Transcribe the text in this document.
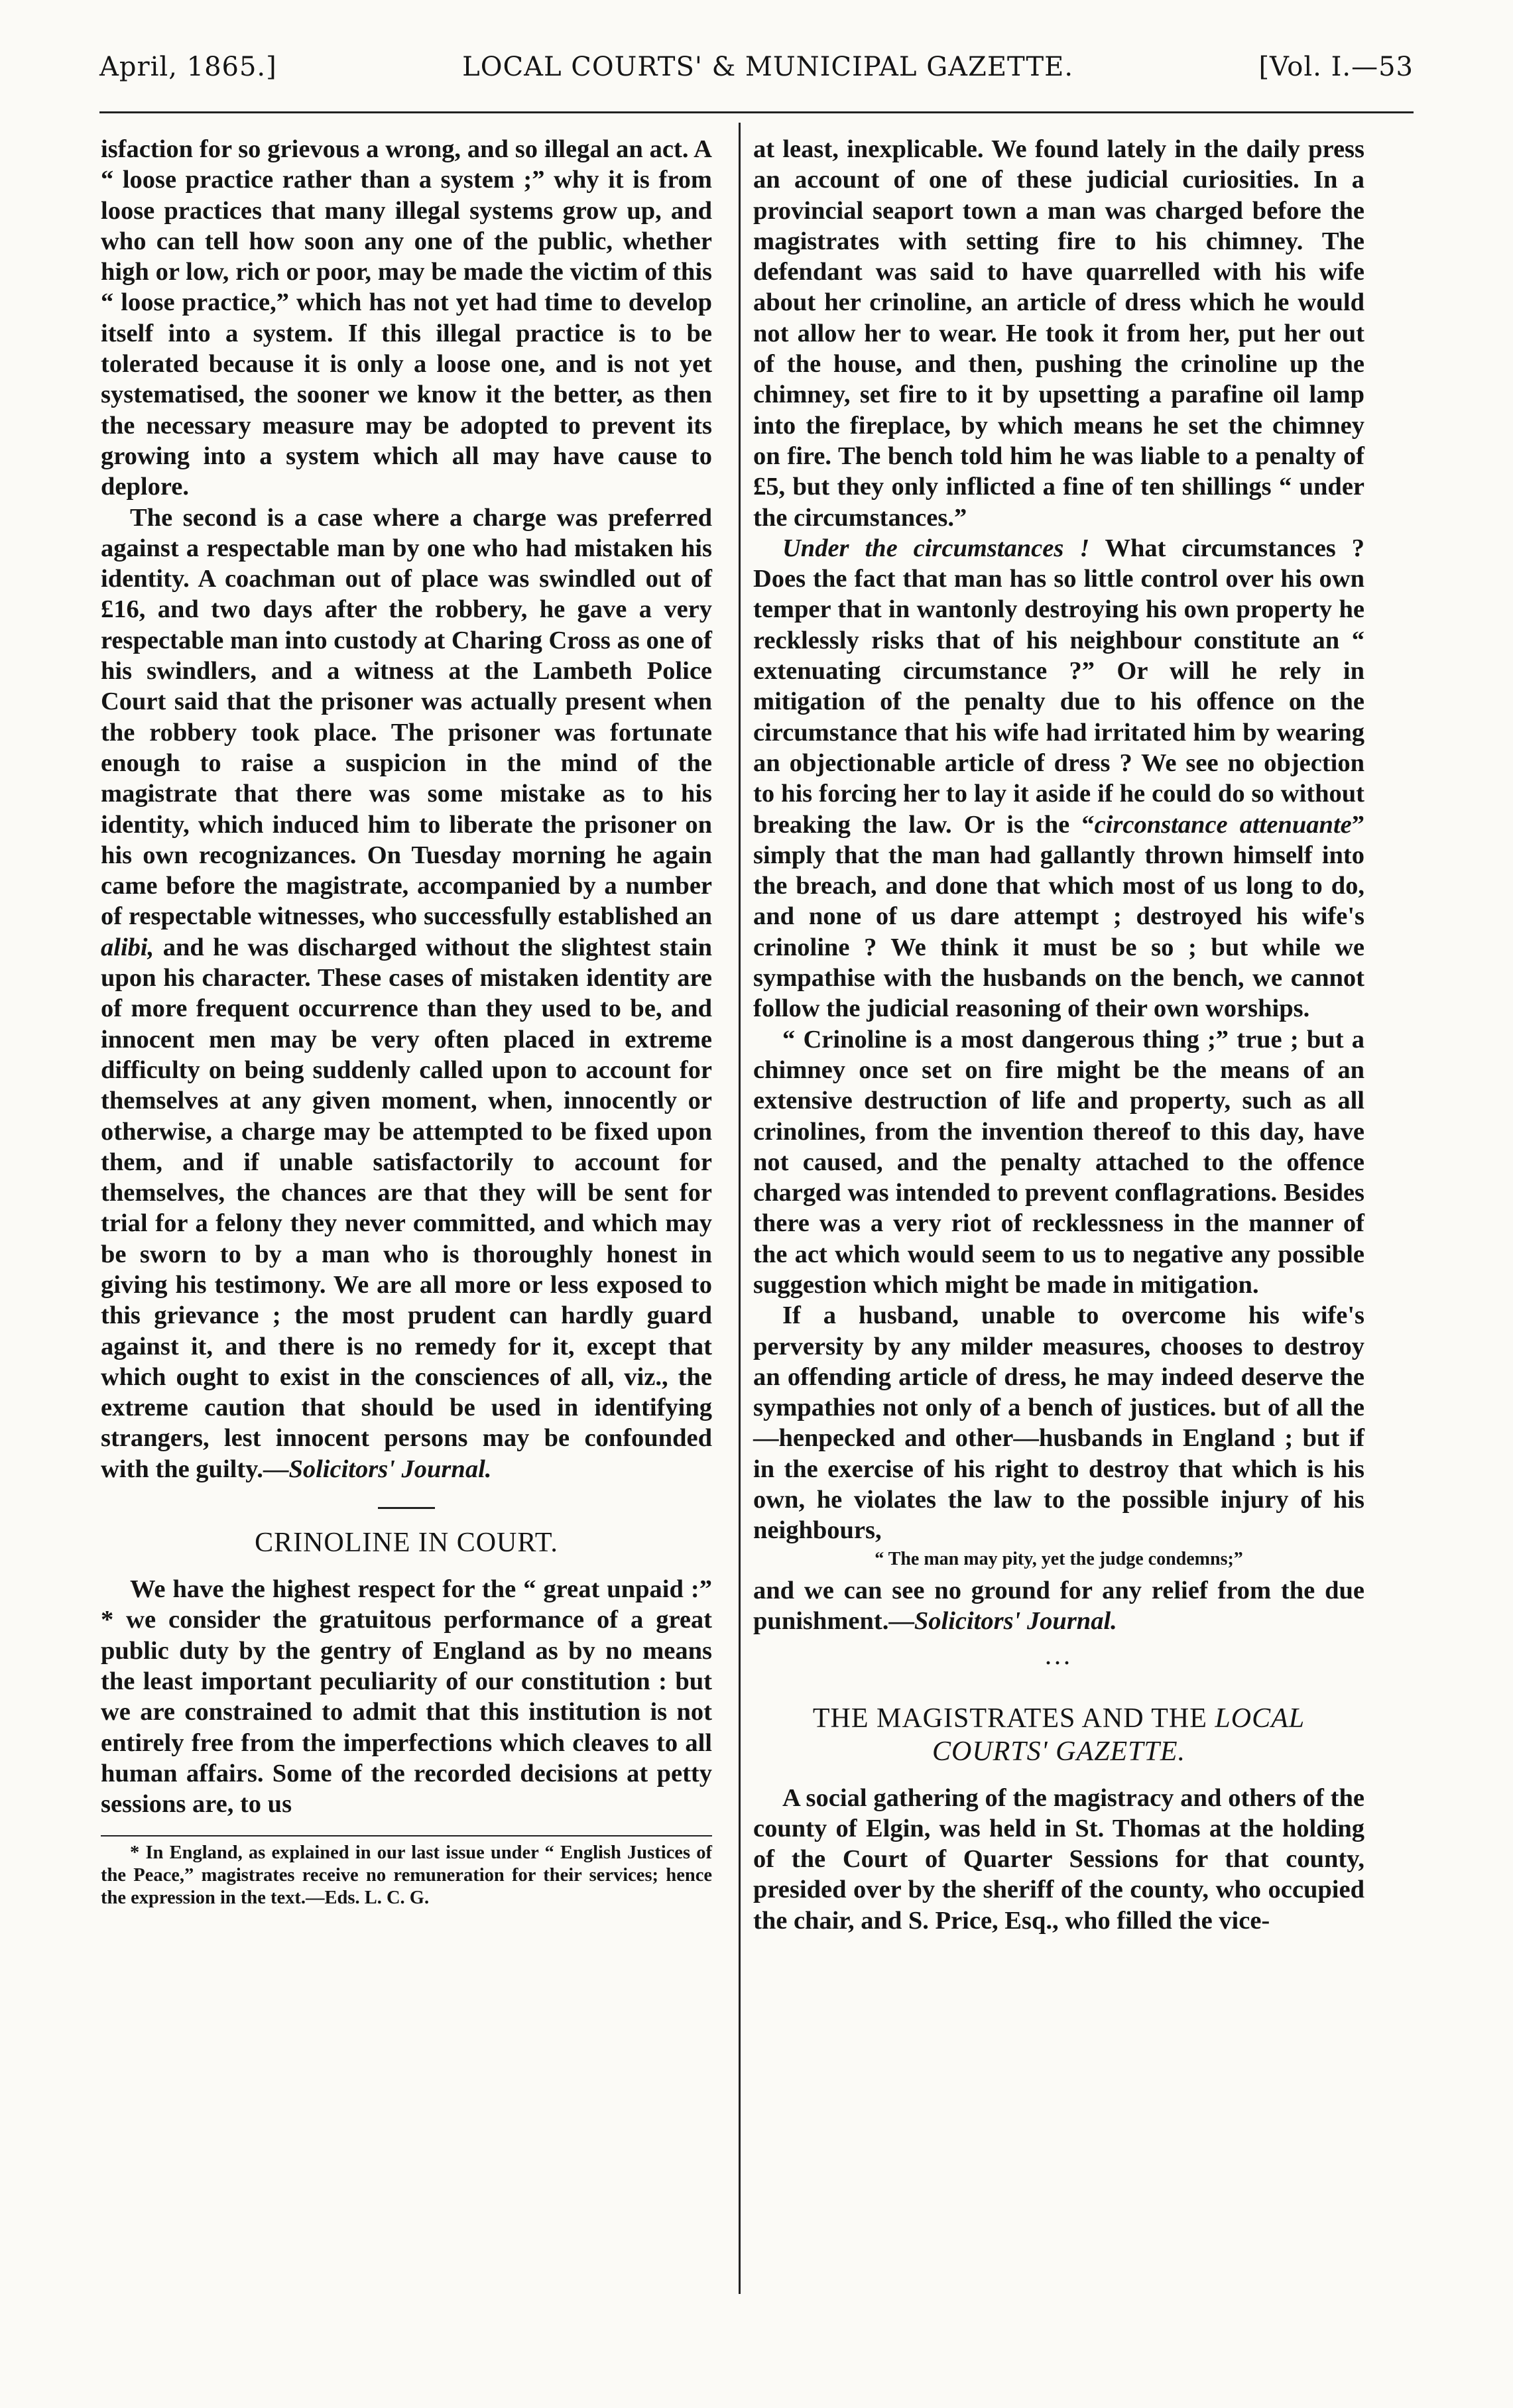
April, 1865.]	LOCAL COURTS' & MUNICIPAL GAZETTE.	[Vol. I.—53

isfaction for so grievous a wrong, and so illegal an act. A “ loose practice rather than a system ;” why it is from loose practices that many illegal systems grow up, and who can tell how soon any one of the public, whether high or low, rich or poor, may be made the victim of this “ loose practice,” which has not yet had time to develop itself into a system. If this illegal practice is to be tolerated because it is only a loose one, and is not yet systematised, the sooner we know it the better, as then the necessary measure may be adopted to prevent its growing into a system which all may have cause to deplore.

The second is a case where a charge was preferred against a respectable man by one who had mistaken his identity. A coachman out of place was swindled out of £16, and two days after the robbery, he gave a very respectable man into custody at Charing Cross as one of his swindlers, and a witness at the Lambeth Police Court said that the prisoner was actually present when the robbery took place. The prisoner was fortunate enough to raise a suspicion in the mind of the magistrate that there was some mistake as to his identity, which induced him to liberate the prisoner on his own recognizances. On Tuesday morning he again came before the magistrate, accompanied by a number of respectable witnesses, who successfully established an alibi, and he was discharged without the slightest stain upon his character. These cases of mistaken identity are of more frequent occurrence than they used to be, and innocent men may be very often placed in extreme difficulty on being suddenly called upon to account for themselves at any given moment, when, innocently or otherwise, a charge may be attempted to be fixed upon them, and if unable satisfactorily to account for themselves, the chances are that they will be sent for trial for a felony they never committed, and which may be sworn to by a man who is thoroughly honest in giving his testimony. We are all more or less exposed to this grievance ; the most prudent can hardly guard against it, and there is no remedy for it, except that which ought to exist in the consciences of all, viz., the extreme caution that should be used in identifying strangers, lest innocent persons may be confounded with the guilty.—Solicitors' Journal.

CRINOLINE IN COURT.

We have the highest respect for the “ great unpaid :” * we consider the gratuitous performance of a great public duty by the gentry of England as by no means the least important peculiarity of our constitution : but we are constrained to admit that this institution is not entirely free from the imperfections which cleaves to all human affairs. Some of the recorded decisions at petty sessions are, to us

* In England, as explained in our last issue under “ English Justices of the Peace,” magistrates receive no remuneration for their services; hence the expression in the text.—Eds. L. C. G.

at least, inexplicable. We found lately in the daily press an account of one of these judicial curiosities. In a provincial seaport town a man was charged before the magistrates with setting fire to his chimney. The defendant was said to have quarrelled with his wife about her crinoline, an article of dress which he would not allow her to wear. He took it from her, put her out of the house, and then, pushing the crinoline up the chimney, set fire to it by upsetting a parafine oil lamp into the fireplace, by which means he set the chimney on fire. The bench told him he was liable to a penalty of £5, but they only inflicted a fine of ten shillings “ under the circumstances.”

Under the circumstances ! What circumstances ? Does the fact that man has so little control over his own temper that in wantonly destroying his own property he recklessly risks that of his neighbour constitute an “ extenuating circumstance ?” Or will he rely in mitigation of the penalty due to his offence on the circumstance that his wife had irritated him by wearing an objectionable article of dress ? We see no objection to his forcing her to lay it aside if he could do so without breaking the law. Or is the “circonstance attenuante” simply that the man had gallantly thrown himself into the breach, and done that which most of us long to do, and none of us dare attempt ; destroyed his wife's crinoline ? We think it must be so ; but while we sympathise with the husbands on the bench, we cannot follow the judicial reasoning of their own worships.

“ Crinoline is a most dangerous thing ;” true ; but a chimney once set on fire might be the means of an extensive destruction of life and property, such as all crinolines, from the invention thereof to this day, have not caused, and the penalty attached to the offence charged was intended to prevent conflagrations. Besides there was a very riot of recklessness in the manner of the act which would seem to us to negative any possible suggestion which might be made in mitigation.

If a husband, unable to overcome his wife's perversity by any milder measures, chooses to destroy an offending article of dress, he may indeed deserve the sympathies not only of a bench of justices. but of all the—henpecked and other—husbands in England ; but if in the exercise of his right to destroy that which is his own, he violates the law to the possible injury of his neighbours,

“ The man may pity, yet the judge condemns;”

and we can see no ground for any relief from the due punishment.—Solicitors' Journal.

···
THE MAGISTRATES AND THE LOCAL COURTS' GAZETTE.

A social gathering of the magistracy and others of the county of Elgin, was held in St. Thomas at the holding of the Court of Quarter Sessions for that county, presided over by the sheriff of the county, who occupied the chair, and S. Price, Esq., who filled the vice-
